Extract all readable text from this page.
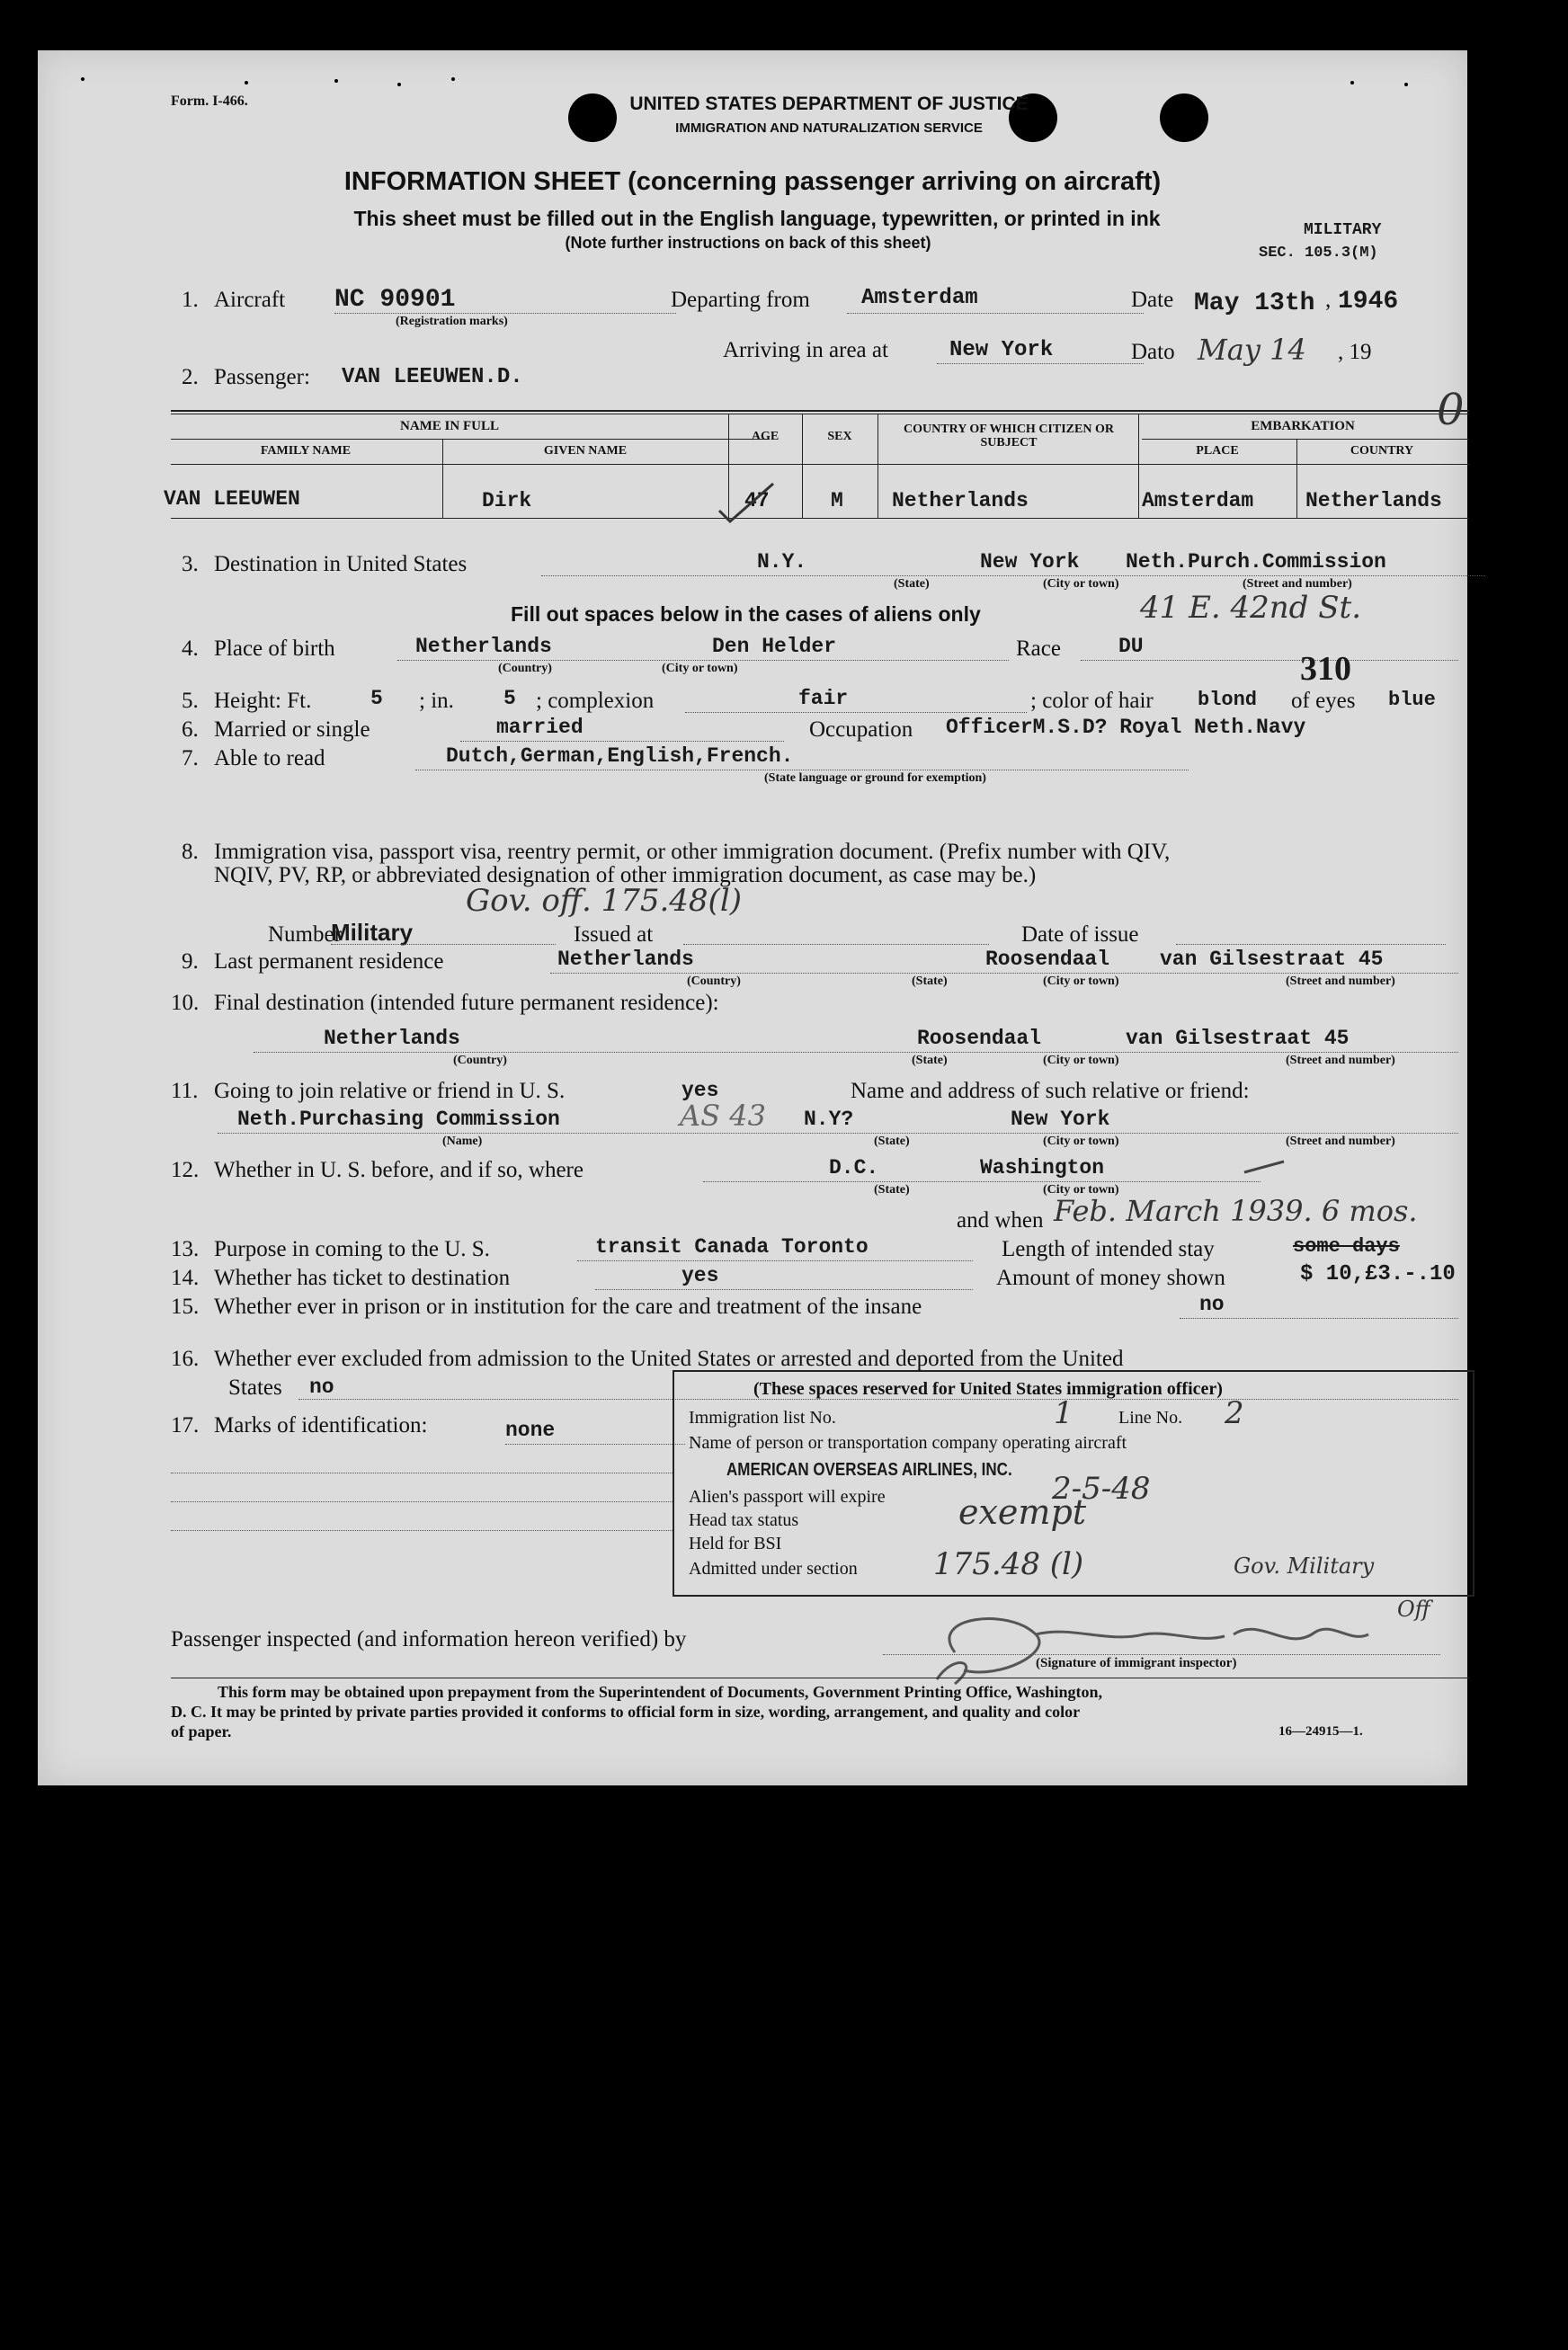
Form. I-466.	UNITED STATES DEPARTMENT OF JUSTICE
IMMIGRATION AND NATURALIZATION SERVICE
INFORMATION SHEET (concerning passenger arriving on aircraft)
This sheet must be filled out in the English language, typewritten, or printed in ink
(Note further instructions on back of this sheet)
MILITARY
SEC. 105.3(M)
1. Aircraft NC 90901
(Registration marks)
Departing from Amsterdam	Date May 13th 1946
,
Arriving in area at	New York	Dato May 14 , 19
2. Passenger: VAN LEEUWEN.D.
NAME IN FULL
FAMILY NAME	GIVEN NAME
AGE	SEX
COUNTRY OF WHICH CITIZEN OR SUBJECT
EMBARKATION
PLACE	COUNTRY
VAN LEEUWEN	Dirk	47	M Netherlands	Amsterdam	Netherlands
0
3. Destination in United States	N.Y.	New York Neth.Purch.Commission
(State)	(City or town)	(Street and number)
41 E. 42nd St.
Fill out spaces below in the cases of aliens only
4. Place of birth	Netherlands	Den Helder
(Country)	(City or town)
Race	DU
310
5. Height: Ft.	5 ; in. 5 ; complexion	fair	; color of hair blond of eyes blue
6. Married or single	married	Occupation OfficerM.S.D? Royal Neth.Navy
7. Able to read	Dutch,German,English,French.
(State language or ground for exemption)
8. Immigration visa, passport visa, reentry permit, or other immigration document. (Prefix number with QIV,
NQIV, PV, RP, or abbreviated designation of other immigration document, as case may be.)
Gov. off. 175.48(l)
Number
Military	Issued at	Date of issue
9. Last permanent residence	Netherlands	Roosendaal van Gilsestraat 45
(Country)	(State)	(City or town)	(Street and number)
10. Final destination (intended future permanent residence):
Netherlands	Roosendaal	van Gilsestraat 45
(Country)	(State)	(City or town)	(Street and number)
11. Going to join relative or friend in U. S.	yes	Name and address of such relative or friend:
Neth.Purchasing Commission	AS 43 N.Y?	New York
(Name)	(State)	(City or town)	(Street and number)
12. Whether in U. S. before, and if so, where	D.C.	Washington
(State)	(City or town)
and when Feb. March 1939. 6 mos.
13. Purpose in coming to the U. S.	transit Canada Toronto	Length of intended stay	some days
14. Whether has ticket to destination	yes	Amount of money shown	$ 10,£3.-.10
15. Whether ever in prison or in institution for the care and treatment of the insane	no
16. Whether ever excluded from admission to the United States or arrested and deported from the United
States no
17. Marks of identification:	none
(These spaces reserved for United States immigration officer)
Immigration list No.	1	Line No. 2
Name of person or transportation company operating aircraft
AMERICAN OVERSEAS AIRLINES, INC.
Alien's passport will expire	2-5-48
Head tax status	exempt
Held for BSI
Admitted under section 175.48 (l)	Gov. Military
Passenger inspected (and information hereon verified) by
Off
(Signature of immigrant inspector)
This form may be obtained upon prepayment from the Superintendent of Documents, Government Printing Office, Washington,
D. C. It may be printed by private parties provided it conforms to official form in size, wording, arrangement, and quality and color
of paper.	16—24915—1.
